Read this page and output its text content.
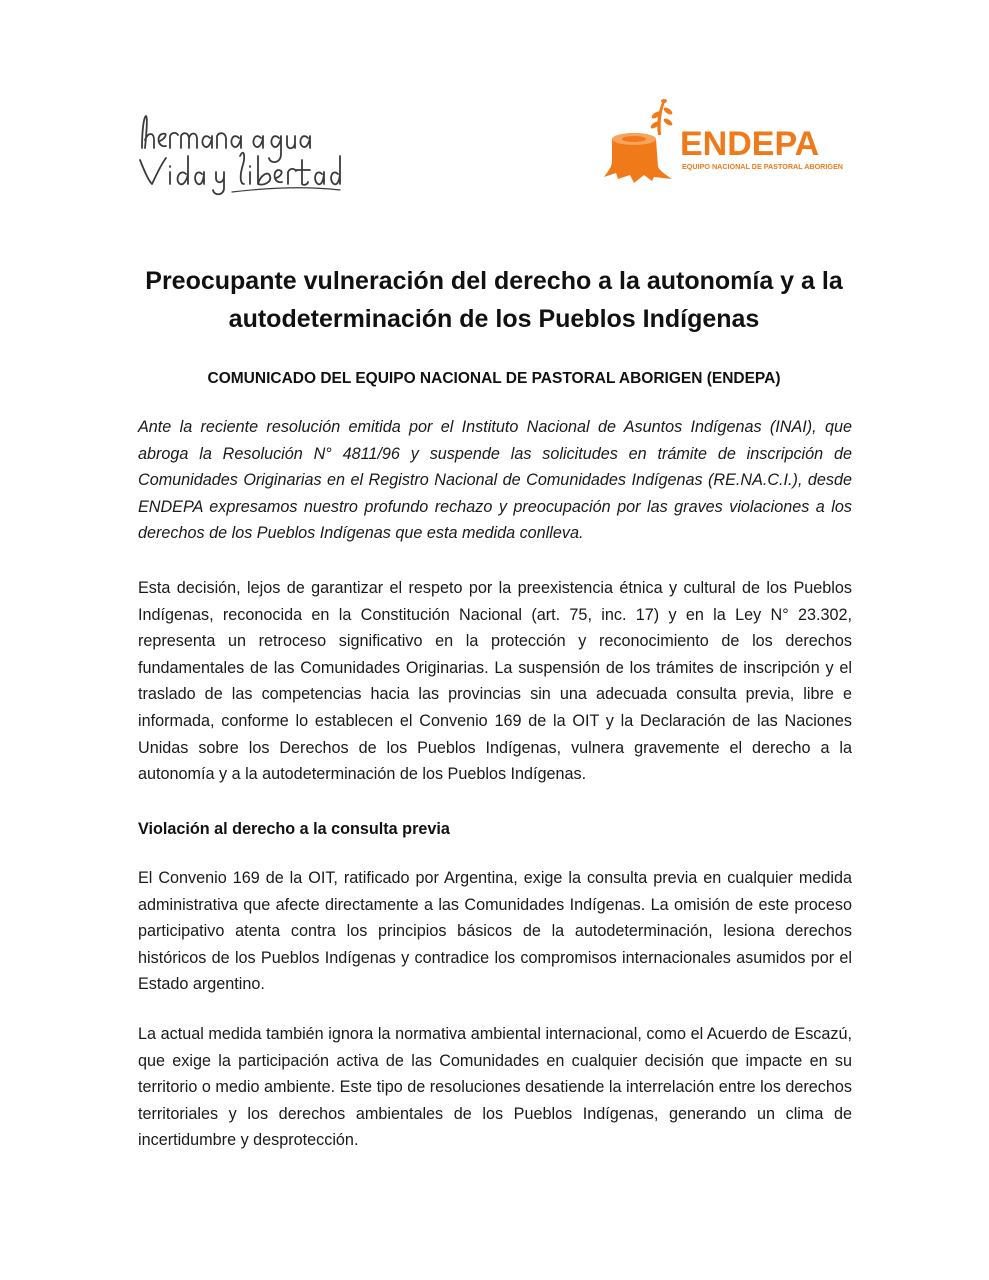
ENDEPA
EQUIPO NACIONAL DE PASTORAL ABORIGEN
Preocupante vulneración del derecho a la autonomía y a la autodeterminación de los Pueblos Indígenas

COMUNICADO DEL EQUIPO NACIONAL DE PASTORAL ABORIGEN (ENDEPA)

Ante la reciente resolución emitida por el Instituto Nacional de Asuntos Indígenas (INAI), que abroga la Resolución N° 4811/96 y suspende las solicitudes en trámite de inscripción de Comunidades Originarias en el Registro Nacional de Comunidades Indígenas (RE.NA.C.I.), desde ENDEPA expresamos nuestro profundo rechazo y preocupación por las graves violaciones a los derechos de los Pueblos Indígenas que esta medida conlleva.

Esta decisión, lejos de garantizar el respeto por la preexistencia étnica y cultural de los Pueblos Indígenas, reconocida en la Constitución Nacional (art. 75, inc. 17) y en la Ley N° 23.302, representa un retroceso significativo en la protección y reconocimiento de los derechos fundamentales de las Comunidades Originarias. La suspensión de los trámites de inscripción y el traslado de las competencias hacia las provincias sin una adecuada consulta previa, libre e informada, conforme lo establecen el Convenio 169 de la OIT y la Declaración de las Naciones Unidas sobre los Derechos de los Pueblos Indígenas, vulnera gravemente el derecho a la autonomía y a la autodeterminación de los Pueblos Indígenas.

Violación al derecho a la consulta previa

El Convenio 169 de la OIT, ratificado por Argentina, exige la consulta previa en cualquier medida administrativa que afecte directamente a las Comunidades Indígenas. La omisión de este proceso participativo atenta contra los principios básicos de la autodeterminación, lesiona derechos históricos de los Pueblos Indígenas y contradice los compromisos internacionales asumidos por el Estado argentino.

La actual medida también ignora la normativa ambiental internacional, como el Acuerdo de Escazú, que exige la participación activa de las Comunidades en cualquier decisión que impacte en su territorio o medio ambiente. Este tipo de resoluciones desatiende la interrelación entre los derechos territoriales y los derechos ambientales de los Pueblos Indígenas, generando un clima de incertidumbre y desprotección.
